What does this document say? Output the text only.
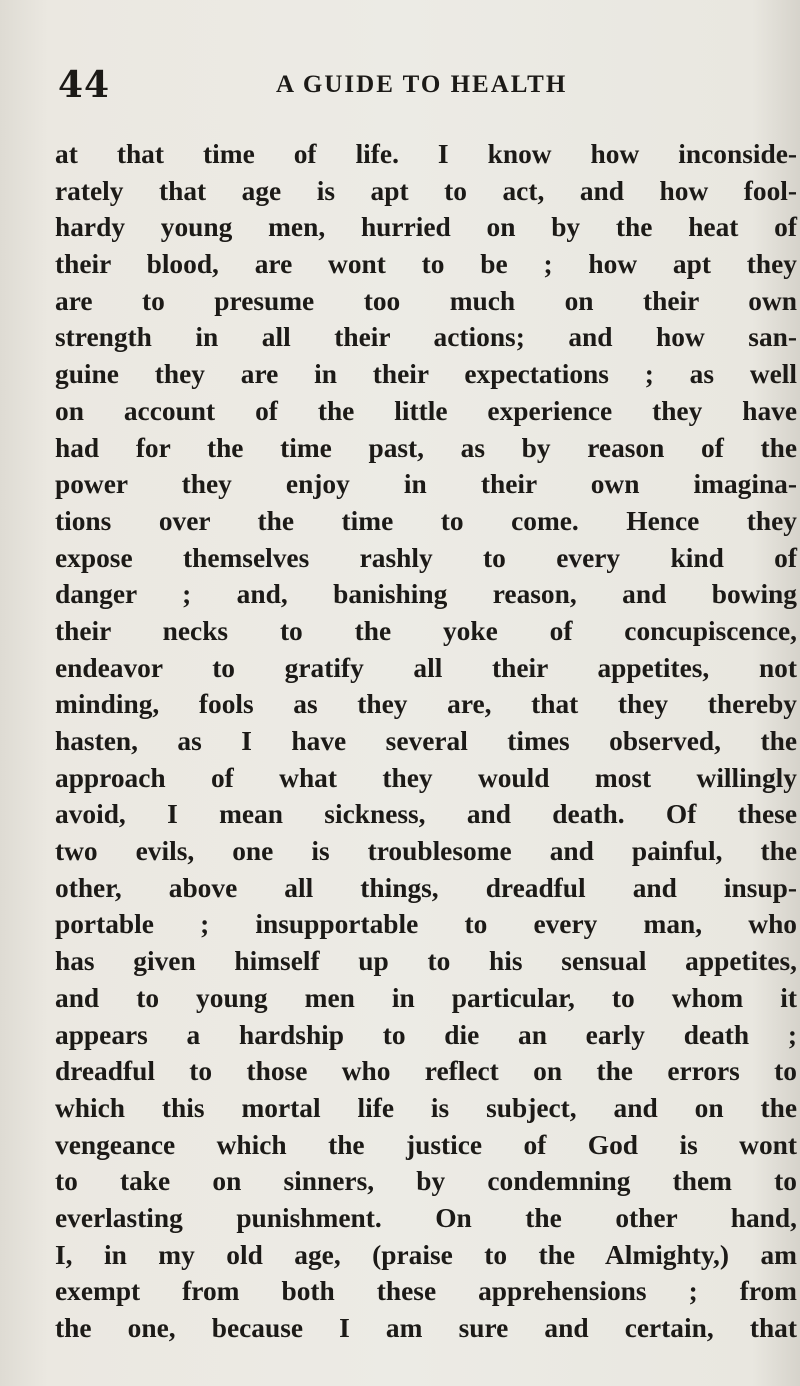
44	A GUIDE TO HEALTH
at that time of life. I know how inconside-
rately that age is apt to act, and how fool-
hardy young men, hurried on by the heat of
their blood, are wont to be ; how apt they
are to presume too much on their own
strength in all their actions; and how san-
guine they are in their expectations ; as well
on account of the little experience they have
had for the time past, as by reason of the
power they enjoy in their own imagina-
tions over the time to come. Hence they
expose themselves rashly to every kind of
danger ; and, banishing reason, and bowing
their necks to the yoke of concupiscence,
endeavor to gratify all their appetites, not
minding, fools as they are, that they thereby
hasten, as I have several times observed, the
approach of what they would most willingly
avoid, I mean sickness, and death. Of these
two evils, one is troublesome and painful, the
other, above all things, dreadful and insup-
portable ; insupportable to every man, who
has given himself up to his sensual appetites,
and to young men in particular, to whom it
appears a hardship to die an early death ;
dreadful to those who reflect on the errors to
which this mortal life is subject, and on the
vengeance which the justice of God is wont
to take on sinners, by condemning them to
everlasting punishment. On the other hand,
I, in my old age, (praise to the Almighty,) am
exempt from both these apprehensions ; from
the one, because I am sure and certain, that
